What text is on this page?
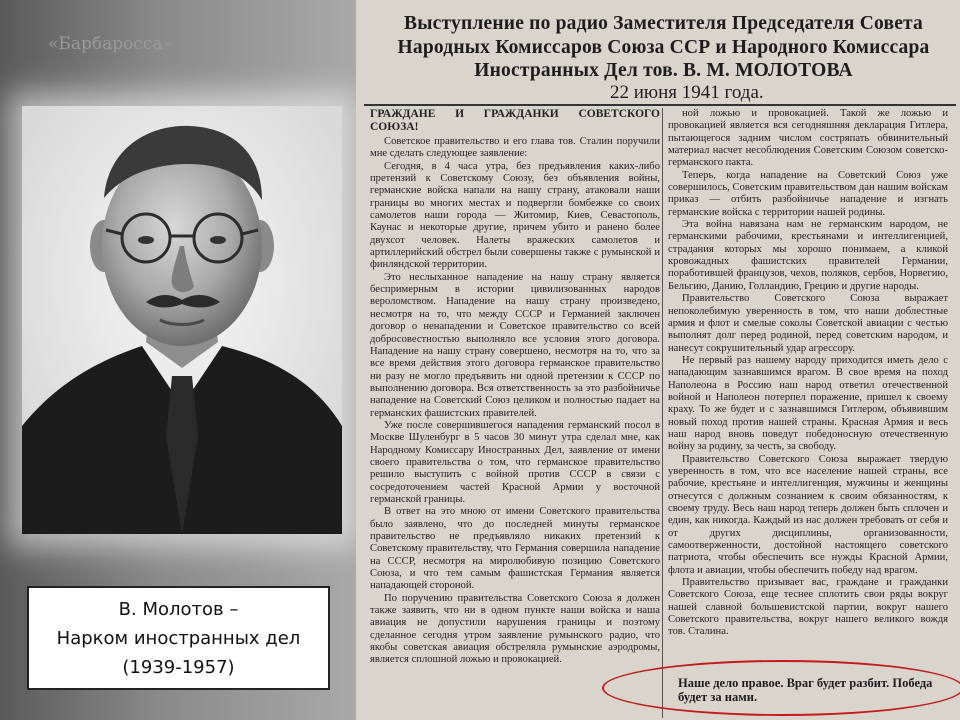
«Барбаросса»
В. Молотов –
Нарком иностранных дел
(1939-1957)
Выступление по радио Заместителя Председателя Совета Народных Комиссаров Союза ССР и Народного Комиссара Иностранных Дел тов. В. М. МОЛОТОВА
22 июня 1941 года.
ГРАЖДАНЕ И ГРАЖДАНКИ СОВЕТСКОГО СОЮЗА!

Советское правительство и его глава тов. Сталин поручили мне сделать следующее заявление:

Сегодня, в 4 часа утра, без предъявления каких-либо претензий к Советскому Союзу, без объявления войны, германские войска напали на нашу страну, атаковали наши границы во многих местах и подвергли бомбежке со своих самолетов наши города — Житомир, Киев, Севастополь, Каунас и некоторые другие, причем убито и ранено более двухсот человек. Налеты вражеских самолетов и артиллерийский обстрел были совершены также с румынской и финляндской территории.

Это неслыханное нападение на нашу страну является беспримерным в истории цивилизованных народов вероломством. Нападение на нашу страну произведено, несмотря на то, что между СССР и Германией заключен договор о ненападении и Советское правительство со всей добросовестностью выполняло все условия этого договора. Нападение на нашу страну совершено, несмотря на то, что за все время действия этого договора германское правительство ни разу не могло предъявить ни одной претензии к СССР по выполнению договора. Вся ответственность за это разбойничье нападение на Советский Союз целиком и полностью падает на германских фашистских правителей.

Уже после совершившегося нападения германский посол в Москве Шуленбург в 5 часов 30 минут утра сделал мне, как Народному Комиссару Иностранных Дел, заявление от имени своего правительства о том, что германское правительство решило выступить с войной против СССР в связи с сосредоточением частей Красной Армии у восточной германской границы.

В ответ на это мною от имени Советского правительства было заявлено, что до последней минуты германское правительство не предъявляло никаких претензий к Советскому правительству, что Германия совершила нападение на СССР, несмотря на миролюбивую позицию Советского Союза, и что тем самым фашистская Германия является нападающей стороной.

По поручению правительства Советского Союза я должен также заявить, что ни в одном пункте наши войска и наша авиация не допустили нарушения границы и поэтому сделанное сегодня утром заявление румынского радио, что якобы советская авиация обстреляла румынские аэродромы, является сплошной ложью и провокацией.

ной ложью и провокацией. Такой же ложью и провокацией является вся сегодняшняя декларация Гитлера, пытающегося задним числом состряпать обвинительный материал насчет несоблюдения Советским Союзом советско-германского пакта.

Теперь, когда нападение на Советский Союз уже совершилось, Советским правительством дан нашим войскам приказ — отбить разбойничье нападение и изгнать германские войска с территории нашей родины.

Эта война навязана нам не германским народом, не германскими рабочими, крестьянами и интеллигенцией, страдания которых мы хорошо понимаем, а кликой кровожадных фашистских правителей Германии, поработившей французов, чехов, поляков, сербов, Норвегию, Бельгию, Данию, Голландию, Грецию и другие народы.

Правительство Советского Союза выражает непоколебимую уверенность в том, что наши доблестные армия и флот и смелые соколы Советской авиации с честью выполнят долг перед родиной, перед советским народом, и нанесут сокрушительный удар агрессору.

Не первый раз нашему народу приходится иметь дело с нападающим зазнавшимся врагом. В свое время на поход Наполеона в Россию наш народ ответил отечественной войной и Наполеон потерпел поражение, пришел к своему краху. То же будет и с зазнавшимся Гитлером, объявившим новый поход против нашей страны. Красная Армия и весь наш народ вновь поведут победоносную отечественную войну за родину, за честь, за свободу.

Правительство Советского Союза выражает твердую уверенность в том, что все население нашей страны, все рабочие, крестьяне и интеллигенция, мужчины и женщины отнесутся с должным сознанием к своим обязанностям, к своему труду. Весь наш народ теперь должен быть сплочен и един, как никогда. Каждый из нас должен требовать от себя и от других дисциплины, организованности, самоотверженности, достойной настоящего советского патриота, чтобы обеспечить все нужды Красной Армии, флота и авиации, чтобы обеспечить победу над врагом.

Правительство призывает вас, граждане и гражданки Советского Союза, еще теснее сплотить свои ряды вокруг нашей славной большевистской партии, вокруг нашего Советского правительства, вокруг нашего великого вождя тов. Сталина.

Наше дело правое. Враг будет разбит. Победа будет за нами.
